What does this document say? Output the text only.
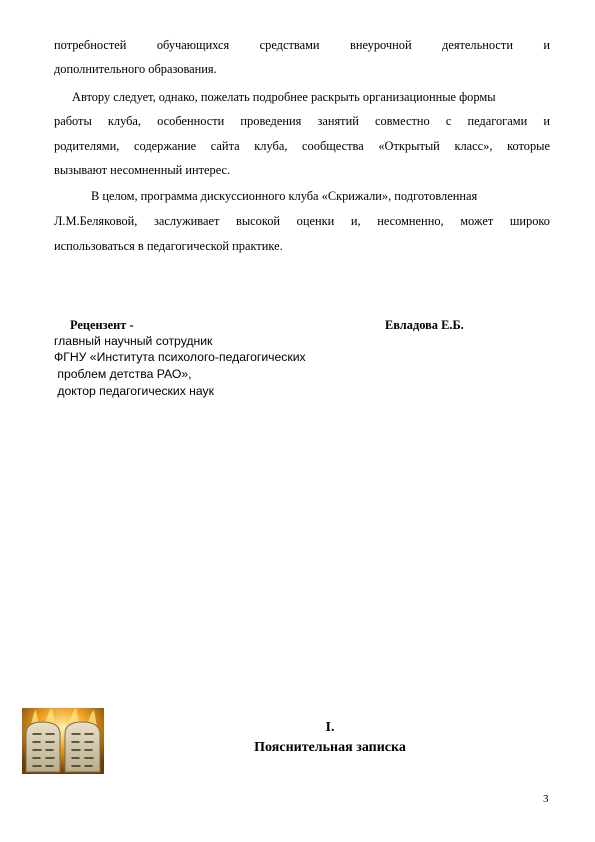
потребностей обучающихся средствами внеурочной деятельности и
дополнительного образования.
Автору следует, однако, пожелать подробнее раскрыть организационные формы
работы клуба, особенности проведения занятий совместно с педагогами и
родителями, содержание сайта клуба, сообщества «Открытый класс», которые
вызывают несомненный интерес.
В целом, программа дискуссионного клуба «Скрижали», подготовленная
Л.М.Беляковой, заслуживает высокой оценки и, несомненно, может широко
использоваться в педагогической практике.
Рецензент -	Евладова Е.Б.
главный научный сотрудник
ФГНУ «Института психолого-педагогических
проблем детства РАО»,
доктор педагогических наук
I.
Пояснительная записка
3
